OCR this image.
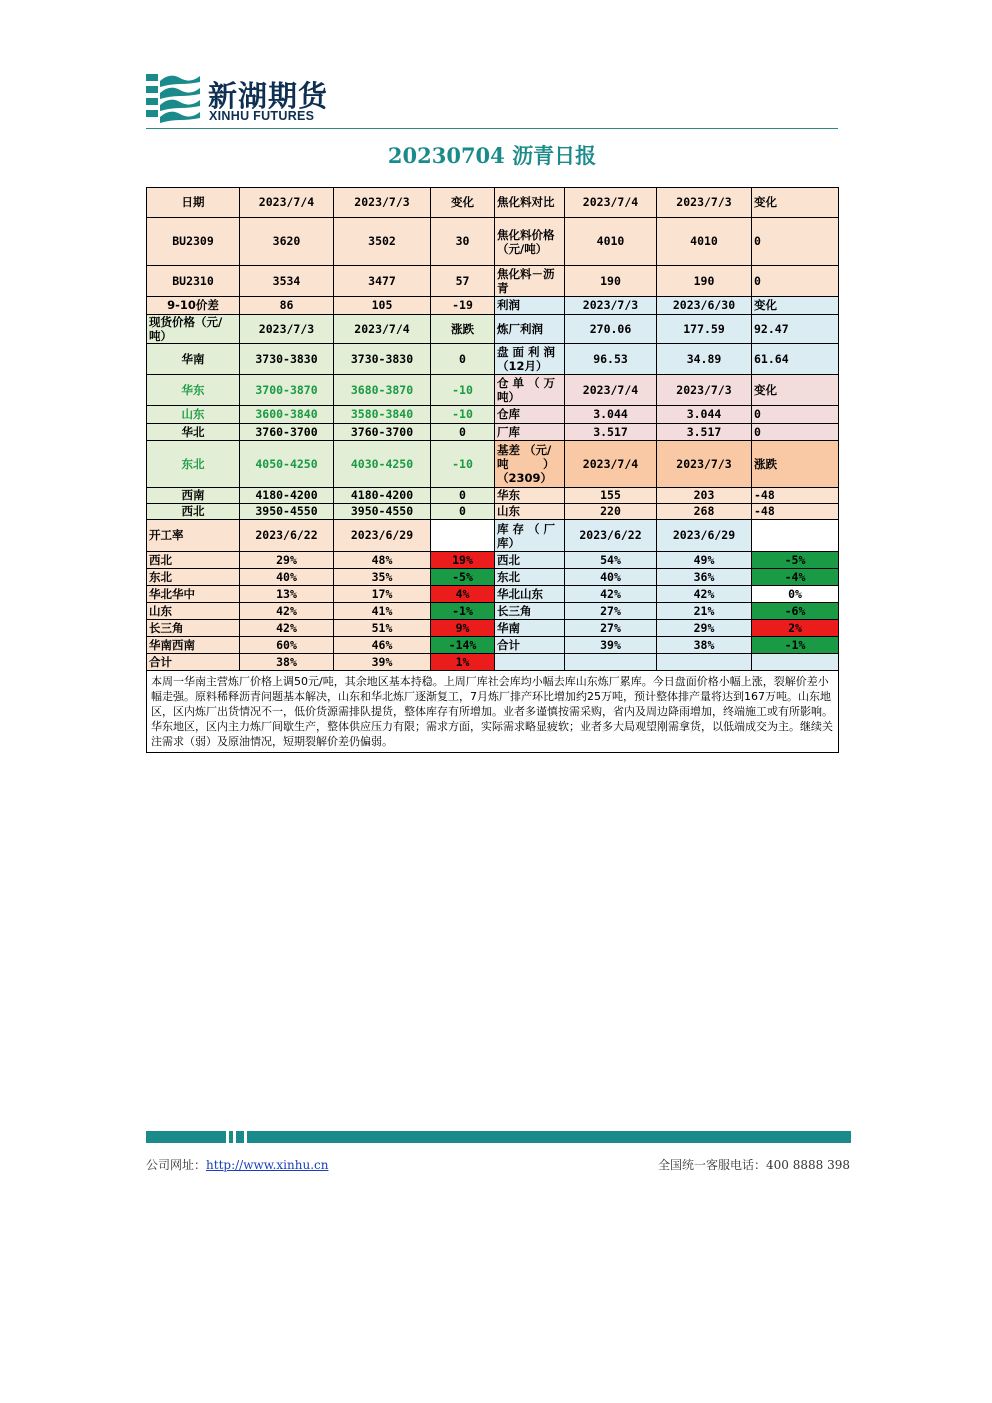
新湖期货
XINHU FUTURES
20230704 沥青日报
日期	2023/7/4	2023/7/3	变化	焦化料对比	2023/7/4	2023/7/3	变化
BU2309	3620	3502	30	焦化料价格（元/吨）	4010	4010	0
BU2310	3534	3477	57	焦化料－沥青	190	190	0
9-10价差	86	105	-19	利润	2023/7/3	2023/6/30	变化
现货价格（元/吨）	2023/7/3	2023/7/4	涨跌	炼厂利润	270.06	177.59	92.47
华南	3730-3830	3730-3830	0	盘 面 利 润（12月）	96.53	34.89	61.64
华东	3700-3870	3680-3870	-10	仓 单 （ 万吨）	2023/7/4	2023/7/3	变化
山东	3600-3840	3580-3840	-10	仓库	3.044	3.044	0
华北	3760-3700	3760-3700	0	厂库	3.517	3.517	0
东北	4050-4250	4030-4250	-10	基差 （元/吨　　　）（2309）	2023/7/4	2023/7/3	涨跌
西南	4180-4200	4180-4200	0	华东	155	203	-48
西北	3950-4550	3950-4550	0	山东	220	268	-48
开工率	2023/6/22	2023/6/29		库 存 （ 厂库）	2023/6/22	2023/6/29	
西北	29%	48%	19%	西北	54%	49%	-5%
东北	40%	35%	-5%	东北	40%	36%	-4%
华北华中	13%	17%	4%	华北山东	42%	42%	0%
山东	42%	41%	-1%	长三角	27%	21%	-6%
长三角	42%	51%	9%	华南	27%	29%	2%
华南西南	60%	46%	-14%	合计	39%	38%	-1%
合计	38%	39%	1%				
本周一华南主营炼厂价格上调50元/吨，其余地区基本持稳。上周厂库社会库均小幅去库山东炼厂累库。今日盘面价格小幅上涨，裂解价差小幅走强。原料稀释沥青问题基本解决，山东和华北炼厂逐渐复工，7月炼厂排产环比增加约25万吨，预计整体排产量将达到167万吨。山东地区，区内炼厂出货情况不一，低价货源需排队提货，整体库存有所增加。业者多谨慎按需采购，省内及周边降雨增加，终端施工或有所影响。华东地区，区内主力炼厂间歇生产，整体供应压力有限；需求方面，实际需求略显疲软；业者多大局观望刚需拿货，以低端成交为主。继续关注需求（弱）及原油情况，短期裂解价差仍偏弱。							
公司网址：http://www.xinhu.cn	全国统一客服电话：400 8888 398
